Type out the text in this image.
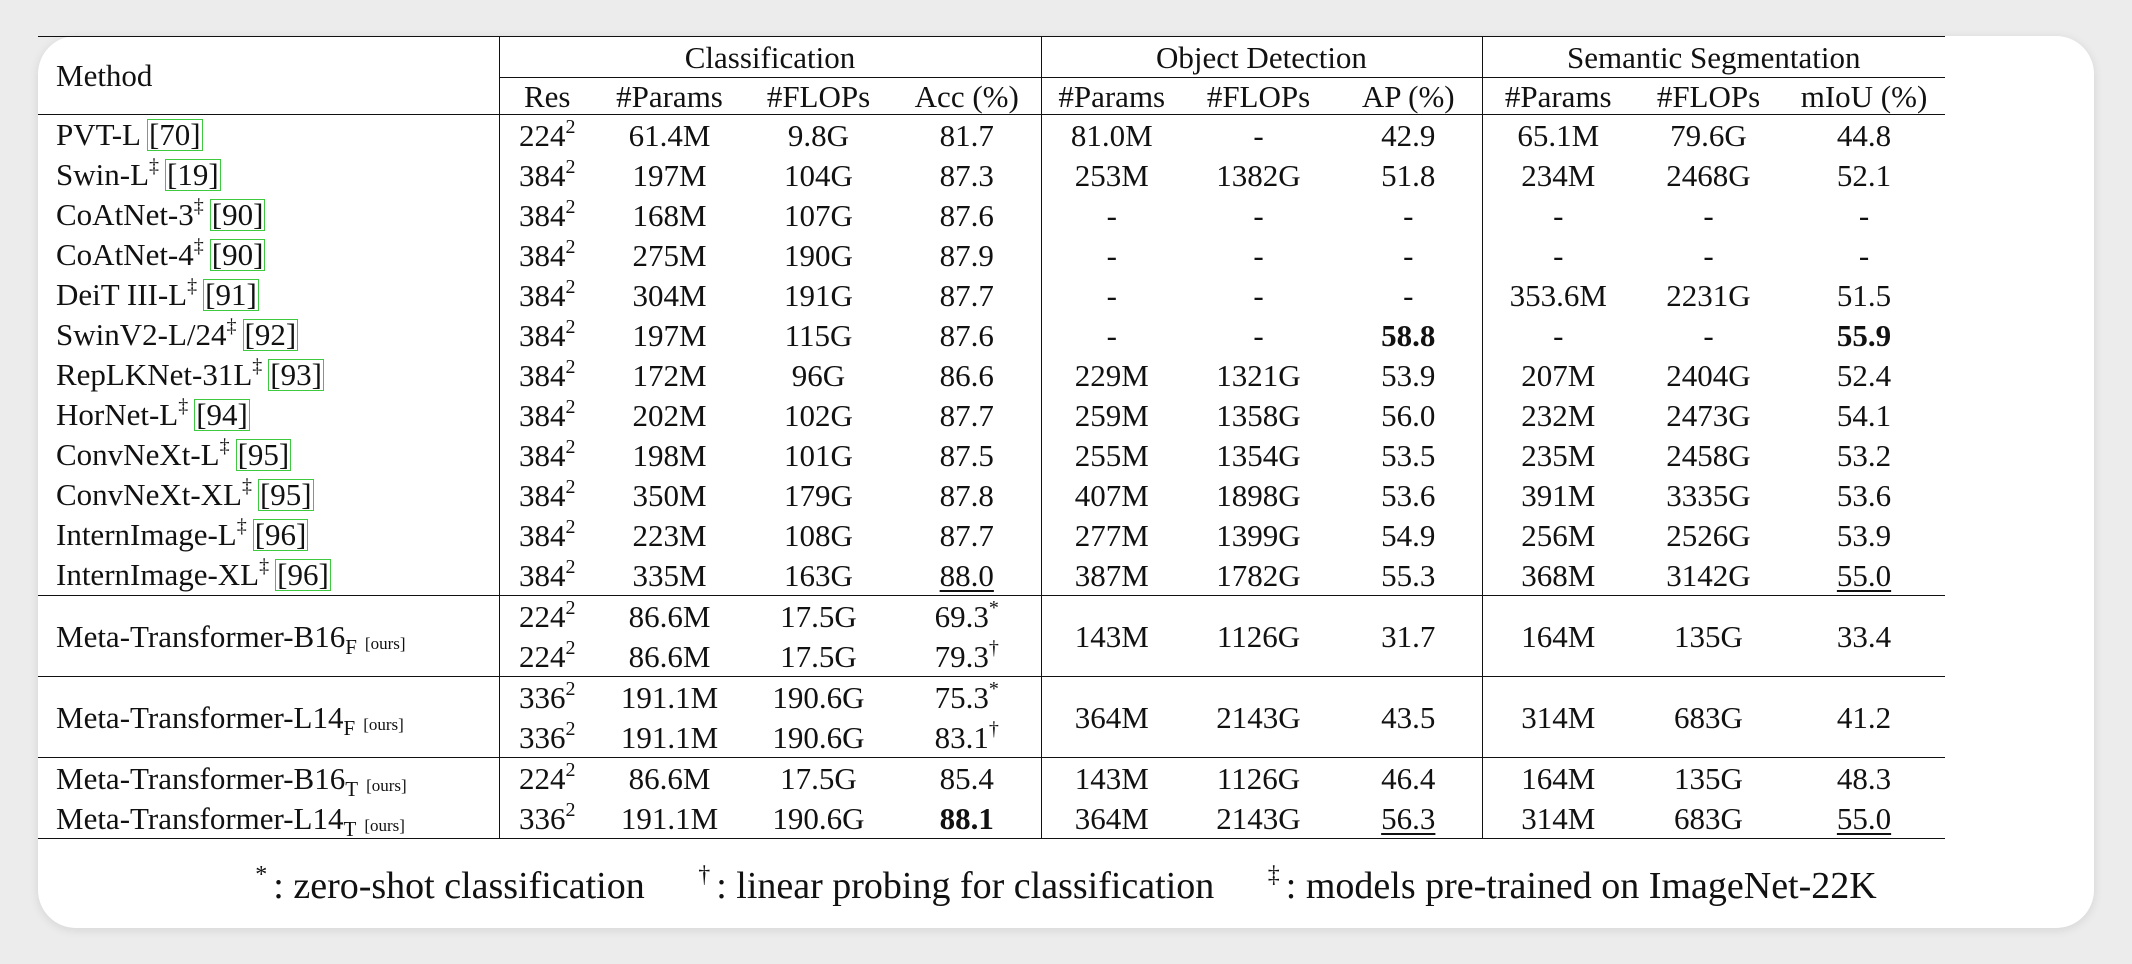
Method	Classification				Object Detection			Semantic Segmentation		
	Res	#Params	#FLOPs	Acc (%)	#Params	#FLOPs	AP (%)	#Params	#FLOPs	mIoU (%)
PVT-L [70]	$224^2$	61.4M	9.8G	81.7	81.0M	-	42.9	65.1M	79.6G	44.8
Swin-L‡ [19]	$384^2$	197M	104G	87.3	253M	1382G	51.8	234M	2468G	52.1
CoAtNet-3‡ [90]	$384^2$	168M	107G	87.6	-	-	-	-	-	-
CoAtNet-4‡ [90]	$384^2$	275M	190G	87.9	-	-	-	-	-	-
DeiT III-L‡ [91]	$384^2$	304M	191G	87.7	-	-	-	353.6M	2231G	51.5
SwinV2-L/24‡ [92]	$384^2$	197M	115G	87.6	-	-	58.8	-	-	55.9
RepLKNet-31L‡ [93]	$384^2$	172M	96G	86.6	229M	1321G	53.9	207M	2404G	52.4
HorNet-L‡ [94]	$384^2$	202M	102G	87.7	259M	1358G	56.0	232M	2473G	54.1
ConvNeXt-L‡ [95]	$384^2$	198M	101G	87.5	255M	1354G	53.5	235M	2458G	53.2
ConvNeXt-XL‡ [95]	$384^2$	350M	179G	87.8	407M	1898G	53.6	391M	3335G	53.6
InternImage-L‡ [96]	$384^2$	223M	108G	87.7	277M	1399G	54.9	256M	2526G	53.9
InternImage-XL‡ [96]	$384^2$	335M	163G	88.0	387M	1782G	55.3	368M	3142G	55.0
Meta-$Transformer-B16_F$ [ours]	$224^2$	86.6M	17.5G	69.3*	143M	1126G	31.7	164M	135G	33.4
	$224^2$	86.6M	17.5G	79.3†
Meta-$Transformer-L14_F$ [ours]	$336^2$	191.1M	190.6G	75.3*	364M	2143G	43.5	314M	683G	41.2
	$336^2$	191.1M	190.6G	83.1†
Meta-$Transformer-B16_T$ [ours]	$224^2$	86.6M	17.5G	85.4	143M	1126G	46.4	164M	135G	48.3
Meta-$Transformer-L14_T$ [ours]	$336^2$	191.1M	190.6G	88.1	364M	2143G	56.3	314M	683G	55.0
* : zero-shot classification † : linear probing for classification ‡ : models pre-trained on ImageNet-22K
